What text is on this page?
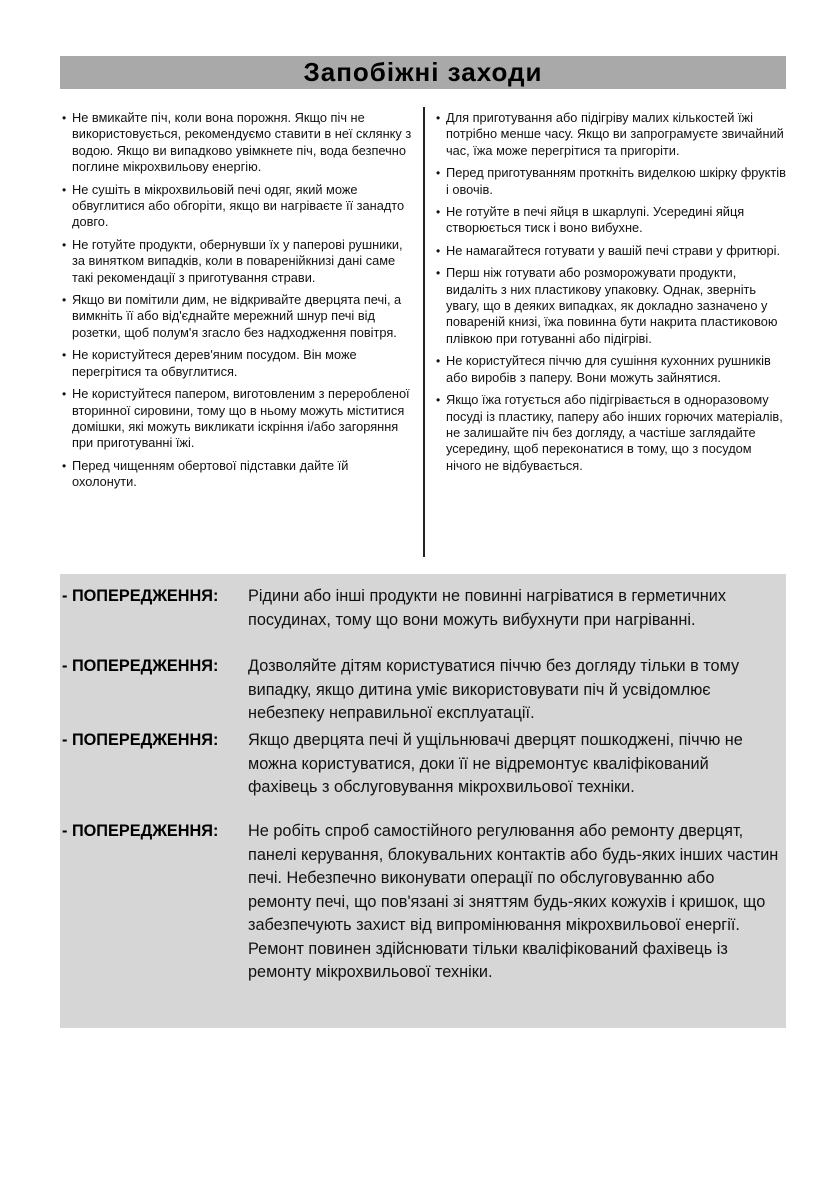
Запобіжні заходи
• Не вмикайте піч, коли вона порожня. Якщо піч не використовується, рекомендуємо ставити в неї склянку з водою. Якщо ви випадково увімкнете піч, вода безпечно поглине мікрохвильову енергію.
• Не сушіть в мікрохвильовій печі одяг, який може обвуглитися або обгоріти, якщо ви нагріваєте її занадто довго.
• Не готуйте продукти, обернувши їх у паперові рушники, за винятком випадків, коли в поваренійкнизі дані саме такі рекомендації з приготування страви.
• Якщо ви помітили дим, не відкривайте дверцята печі, а вимкніть її або від'єднайте мережний шнур печі від розетки, щоб полум'я згасло без надходження повітря.
• Не користуйтеся дерев'яним посудом. Він може перегрітися та обвуглитися.
• Не користуйтеся папером, виготовленим з переробленої вторинної сировини, тому що в ньому можуть міститися домішки, які можуть викликати іскріння і/або загоряння при приготуванні їжі.
• Перед чищенням обертової підставки дайте їй охолонути.
• Для приготування або підігріву малих кількостей їжі потрібно менше часу. Якщо ви запрограмуєте звичайний час, їжа може перегрітися та пригоріти.
• Перед приготуванням проткніть виделкою шкірку фруктів і овочів.
• Не готуйте в печі яйця в шкарлупі. Усередині яйця створюється тиск і воно вибухне.
• Не намагайтеся готувати у вашій печі страви у фритюрі.
• Перш ніж готувати або розморожувати продукти, видаліть з них пластикову упаковку. Однак, зверніть увагу, що в деяких випадках, як докладно зазначено у повареній книзі, їжа повинна бути накрита пластиковою плівкою при готуванні або підігріві.
• Не користуйтеся піччю для сушіння кухонних рушників або виробів з паперу. Вони можуть зайнятися.
• Якщо їжа готується або підігрівається в одноразовому посуді із пластику, паперу або інших горючих матеріалів, не залишайте піч без догляду, а частіше заглядайте усередину, щоб переконатися в тому, що з посудом нічого не відбувається.
- ПОПЕРЕДЖЕННЯ:	Рідини або інші продукти не повинні нагріватися в герметичних посудинах, тому що вони можуть вибухнути при нагріванні.
- ПОПЕРЕДЖЕННЯ:	Дозволяйте дітям користуватися піччю без догляду тільки в тому випадку, якщо дитина уміє використовувати піч й усвідомлює небезпеку неправильної експлуатації.
- ПОПЕРЕДЖЕННЯ:	Якщо дверцята печі й ущільнювачі дверцят пошкоджені, піччю не можна користуватися, доки її не відремонтує кваліфікований фахівець з обслуговування мікрохвильової техніки.
- ПОПЕРЕДЖЕННЯ:	Не робіть спроб самостійного регулювання або ремонту дверцят, панелі керування, блокувальних контактів або будь-яких інших частин печі. Небезпечно виконувати операції по обслуговуванню або ремонту печі, що пов'язані зі зняттям будь-яких кожухів і кришок, що забезпечують захист від випромінювання мікрохвильової енергії. Ремонт повинен здійснювати тільки кваліфікований фахівець із ремонту мікрохвильової техніки.
